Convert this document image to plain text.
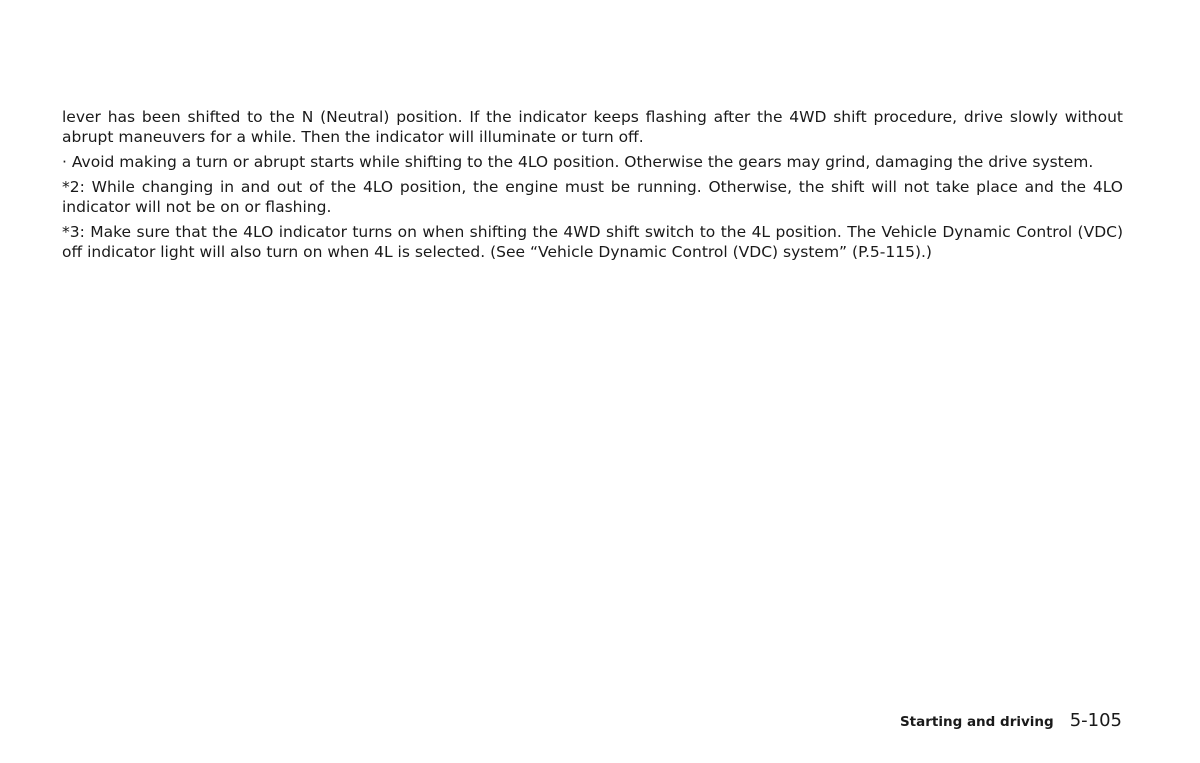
lever has been shifted to the N (Neutral) position. If the indicator keeps flashing after the 4WD shift procedure, drive slowly without abrupt maneuvers for a while. Then the indicator will illuminate or turn off.

· Avoid making a turn or abrupt starts while shifting to the 4LO position. Otherwise the gears may grind, damaging the drive system.

*2: While changing in and out of the 4LO position, the engine must be running. Otherwise, the shift will not take place and the 4LO indicator will not be on or flashing.

*3: Make sure that the 4LO indicator turns on when shifting the 4WD shift switch to the 4L position. The Vehicle Dynamic Control (VDC) off indicator light will also turn on when 4L is selected. (See “Vehicle Dynamic Control (VDC) system” (P.5-115).)

Starting and driving 5-105
